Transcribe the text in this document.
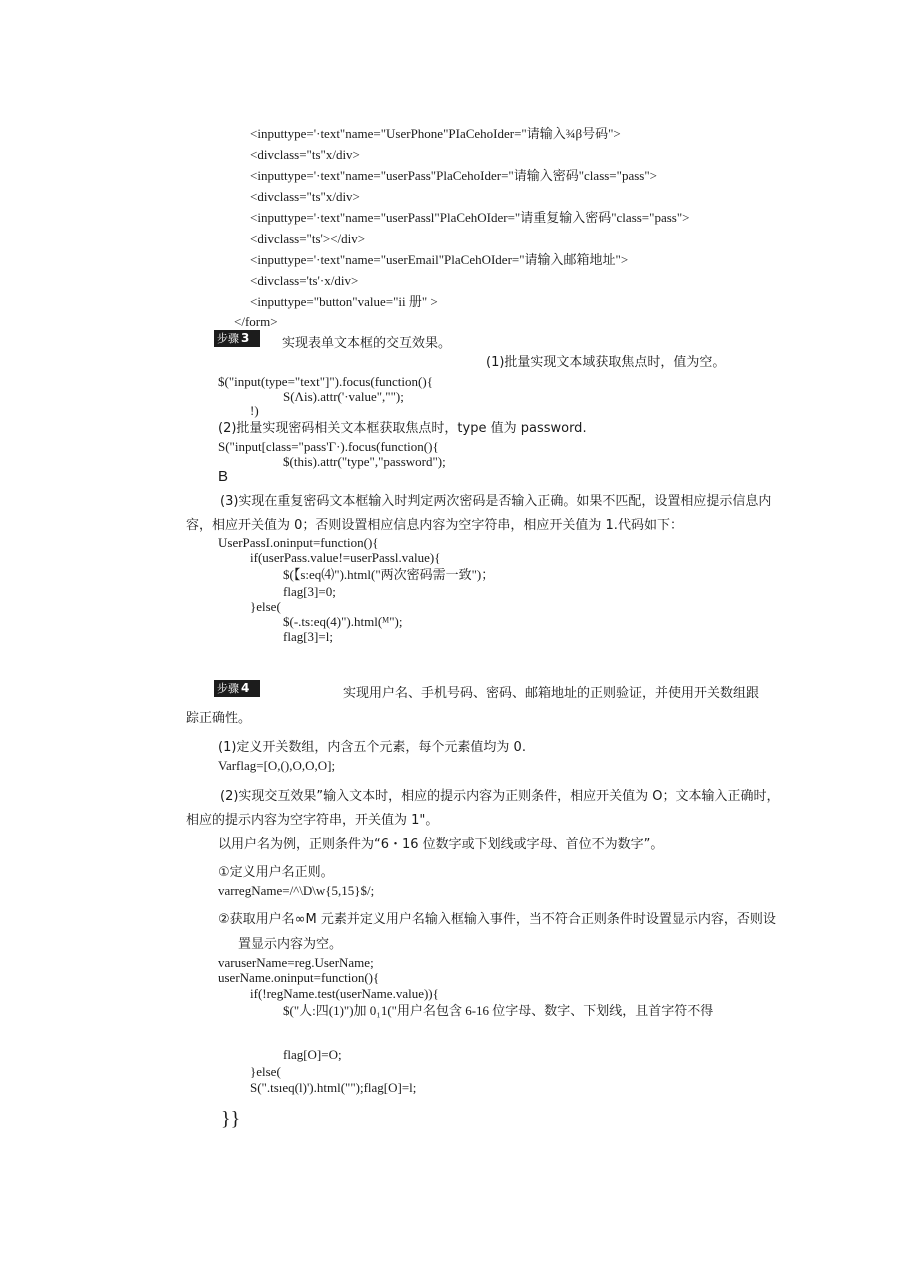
<inputtype='·text"name="UserPhone"PIaCehoIder="请输入¾β号码">
<divclass="ts"x/div>
<inputtype='·text"name="userPass"PlaCehoIder="请输入密码"class="pass">
<divclass="ts"x/div>
<inputtype='·text"name="userPassl"PlaCehOIder="请重复输入密码"class="pass">
<divclass="ts'></div>
<inputtype='·text"name="userEmail"PlaCehOIder="请输入邮箱地址">
<divclass='ts'·x/div>
<inputtype="button"value="ii 册" >
</form>
步骤 3	实现表单文本框的交互效果。
(1)批量实现文本域获取焦点时，值为空。
$("input(type="text"]").focus(function(){
S(Λis).attr('·value","");
!)
(2)批量实现密码相关文本框获取焦点时，type 值为 password.
S("input[class="pass'Γ·).focus(function(){
$(this).attr("type","password");
B
(3)实现在重复密码文本框输入时判定两次密码是否输入正确。如果不匹配，设置相应提示信息内
容，相应开关值为 0；否则设置相应信息内容为空字符串，相应开关值为 1.代码如下：
UserPassI.oninput=function(){
if(userPass.value!=userPassl.value){
$(【s:eq⑷").html("两次密码需一致")；
flag[3]=0;
}else(
$(-.ts:eq(4)").html(ᴹ");
flag[3]=l;
步骤 4	实现用户名、手机号码、密码、邮箱地址的正则验证，并使用开关数组跟
踪正确性。
(1)定义开关数组，内含五个元素，每个元素值均为 0.
Varflag=[O,(),O,O,O];
(2)实现交互效果”输入文本时，相应的提示内容为正则条件，相应开关值为 O；文本输入正确时，
相应的提示内容为空字符串，开关值为 1"。
以用户名为例，正则条件为“6・16 位数字或下划线或字母、首位不为数字”。
①定义用户名正则。
varregName=/^\D\w{5,15}$/;
②获取用户名∞M 元素并定义用户名输入框输入事件，当不符合正则条件时设置显示内容，否则设
置显示内容为空。
varuserName=reg.UserName;
userName.oninput=function(){
if(!regName.test(userName.value)){
$("人:四(1)")加 0₁1("用户名包含 6-16 位字母、数字、下划线，且首字符不得
flag[O]=O;
}else(
S(".tsıeq(l)').html("");flag[O]=l;
}}
